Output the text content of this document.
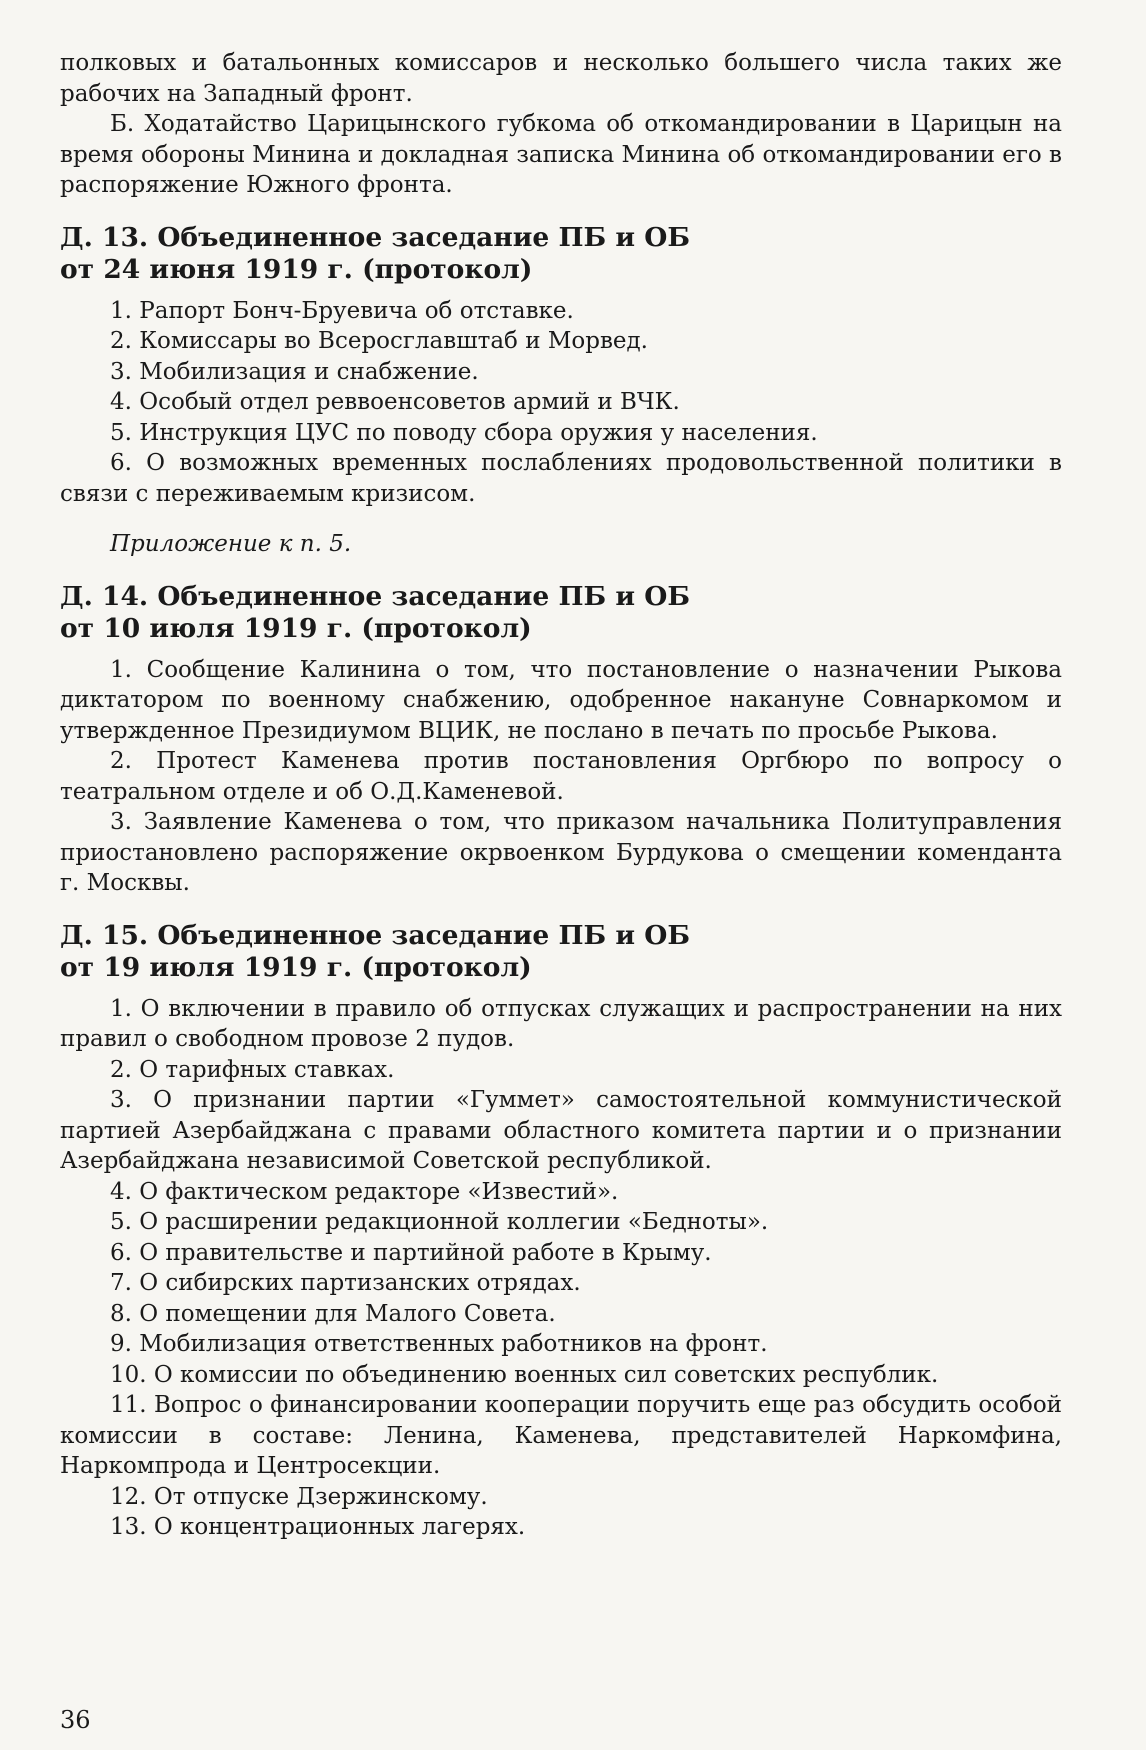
полковых и батальонных комиссаров и несколько большего числа таких же рабочих на Западный фронт.

Б. Ходатайство Царицынского губкома об откомандировании в Царицын на время обороны Минина и докладная записка Минина об откомандировании его в распоряжение Южного фронта.

Д. 13. Объединенное заседание ПБ и ОБ
от 24 июня 1919 г. (протокол)
1. Рапорт Бонч-Бруевича об отставке.
2. Комиссары во Всеросглавштаб и Морвед.
3. Мобилизация и снабжение.
4. Особый отдел реввоенсоветов армий и ВЧК.
5. Инструкция ЦУС по поводу сбора оружия у населения.
6. О возможных временных послаблениях продовольственной политики в связи с переживаемым кризисом.

Приложение к п. 5.

Д. 14. Объединенное заседание ПБ и ОБ
от 10 июля 1919 г. (протокол)
1. Сообщение Калинина о том, что постановление о назначении Рыкова диктатором по военному снабжению, одобренное накануне Совнаркомом и утвержденное Президиумом ВЦИК, не послано в печать по просьбе Рыкова.
2. Протест Каменева против постановления Оргбюро по вопросу о театральном отделе и об О.Д.Каменевой.
3. Заявление Каменева о том, что приказом начальника Политуправления приостановлено распоряжение окрвоенком Бурдукова о смещении коменданта г. Москвы.
Д. 15. Объединенное заседание ПБ и ОБ
от 19 июля 1919 г. (протокол)
1. О включении в правило об отпусках служащих и распространении на них правил о свободном провозе 2 пудов.
2. О тарифных ставках.
3. О признании партии «Гуммет» самостоятельной коммунистической партией Азербайджана с правами областного комитета партии и о признании Азербайджана независимой Советской республикой.
4. О фактическом редакторе «Известий».
5. О расширении редакционной коллегии «Бедноты».
6. О правительстве и партийной работе в Крыму.
7. О сибирских партизанских отрядах.
8. О помещении для Малого Совета.
9. Мобилизация ответственных работников на фронт.
10. О комиссии по объединению военных сил советских республик.
11. Вопрос о финансировании кооперации поручить еще раз обсудить особой комиссии в составе: Ленина, Каменева, представителей Наркомфина, Наркомпрода и Центросекции.
12. От отпуске Дзержинскому.
13. О концентрационных лагерях.
36
